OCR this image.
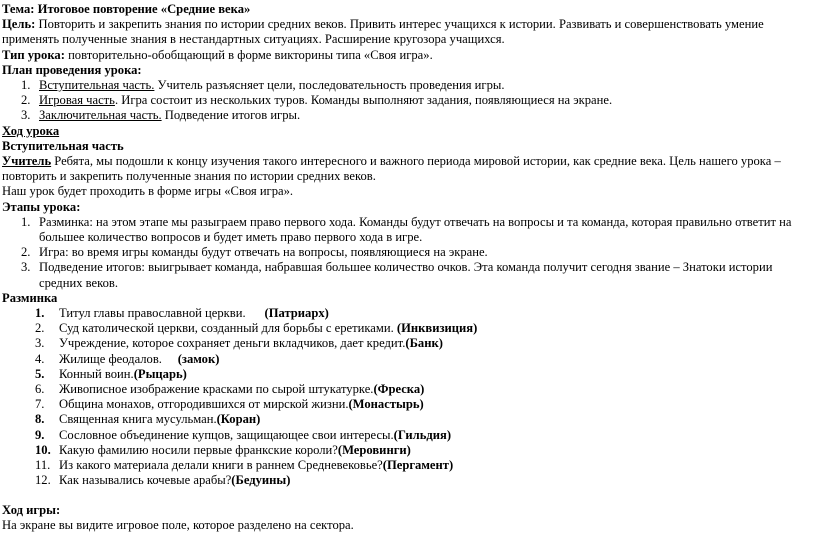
Тема: Итоговое повторение «Средние века»

Цель: Повторить и закрепить знания по истории средних веков. Привить интерес учащихся к истории. Развивать и совершенствовать умение применять полученные знания в нестандартных ситуациях. Расширение кругозора учащихся.

Тип урока: повторительно-обобщающий в форме викторины типа «Своя игра».

План проведения урока:

1. Вступительная часть. Учитель разъясняет цели, последовательность проведения игры.
2. Игровая часть. Игра состоит из нескольких туров. Команды выполняют задания, появляющиеся на экране.
3. Заключительная часть. Подведение итогов игры.

Ход урока

Вступительная часть

Учитель Ребята, мы подошли к концу изучения такого интересного и важного периода мировой истории, как средние века. Цель нашего урока – повторить и закрепить полученные знания по истории средних веков.

Наш урок будет проходить в форме игры «Своя игра».

Этапы урока:

1. Разминка: на этом этапе мы разыграем право первого хода. Команды будут отвечать на вопросы и та команда, которая правильно ответит на большее количество вопросов и будет иметь право первого хода в игре.
2. Игра: во время игры команды будут отвечать на вопросы, появляющиеся на экране.
3. Подведение итогов: выигрывает команда, набравшая большее количество очков. Эта команда получит сегодня звание – Знатоки истории средних веков.

Разминка

1. Титул главы православной церкви.      (Патриарх)
2. Суд католической церкви, созданный для борьбы с еретиками. (Инквизиция)
3. Учреждение, которое сохраняет деньги вкладчиков, дает кредит.(Банк)
4. Жилище феодалов.     (замок)
5. Конный воин.(Рыцарь)
6. Живописное изображение красками по сырой штукатурке.(Фреска)
7. Община монахов, отгородившихся от мирской жизни.(Монастырь)
8. Священная книга мусульман.(Коран)
9. Сословное объединение купцов, защищающее свои интересы.(Гильдия)
10. Какую фамилию носили первые франкские короли?(Меровинги)
11. Из какого материала делали книги в раннем Средневековье?(Пергамент)
12. Как назывались кочевые арабы?(Бедуины)

Ход игры:

На экране вы видите игровое поле, которое разделено на сектора.
